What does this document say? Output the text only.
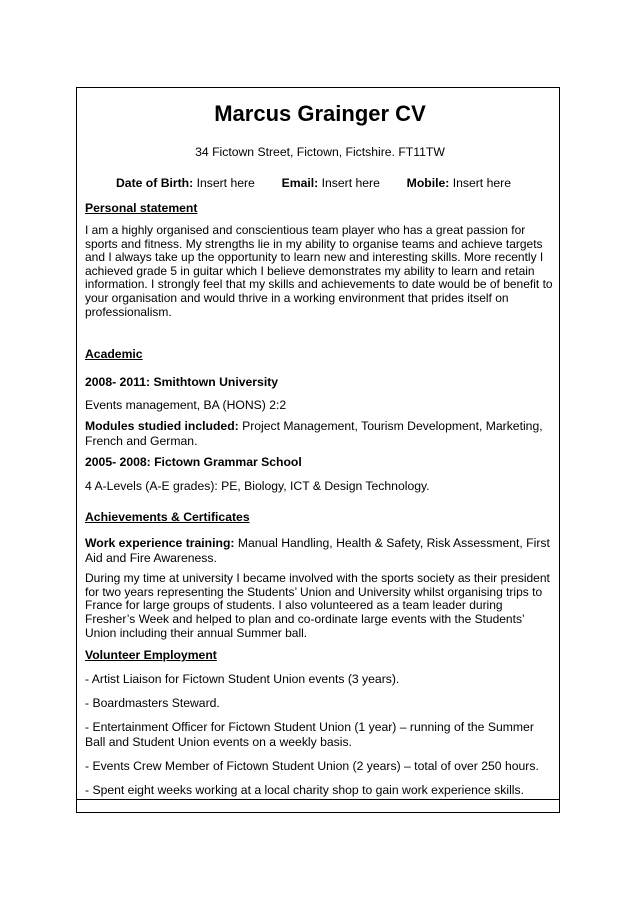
Marcus Grainger CV
34 Fictown Street, Fictown, Fictshire. FT11TW
Date of Birth: Insert here Email: Insert here Mobile: Insert here
Personal statement

I am a highly organised and conscientious team player who has a great passion for sports and fitness. My strengths lie in my ability to organise teams and achieve targets and I always take up the opportunity to learn new and interesting skills. More recently I achieved grade 5 in guitar which I believe demonstrates my ability to learn and retain information. I strongly feel that my skills and achievements to date would be of benefit to your organisation and would thrive in a working environment that prides itself on professionalism.

Academic

2008- 2011: Smithtown University

Events management, BA (HONS) 2:2

Modules studied included: Project Management, Tourism Development, Marketing, French and German.

2005- 2008: Fictown Grammar School

4 A-Levels (A-E grades): PE, Biology, ICT & Design Technology.

Achievements & Certificates

Work experience training: Manual Handling, Health & Safety, Risk Assessment, First Aid and Fire Awareness.

During my time at university I became involved with the sports society as their president for two years representing the Students’ Union and University whilst organising trips to France for large groups of students. I also volunteered as a team leader during Fresher’s Week and helped to plan and co-ordinate large events with the Students’ Union including their annual Summer ball.

Volunteer Employment

- Artist Liaison for Fictown Student Union events (3 years).

- Boardmasters Steward.

- Entertainment Officer for Fictown Student Union (1 year) – running of the Summer Ball and Student Union events on a weekly basis.

- Events Crew Member of Fictown Student Union (2 years) – total of over 250 hours.

- Spent eight weeks working at a local charity shop to gain work experience skills.
